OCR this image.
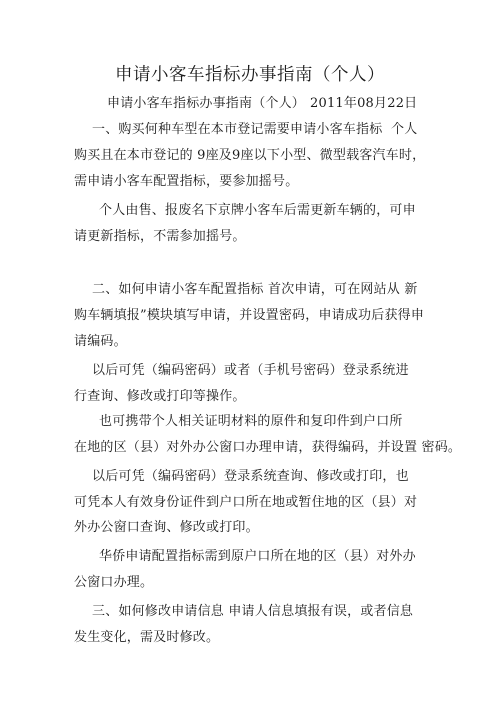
申请小客车指标办事指南（个人）
申请小客车指标办事指南（个人） 2011年08月22日
一、购买何种车型在本市登记需要申请小客车指标 个人
购买且在本市登记的 9座及9座以下小型、微型载客汽车时，
需申请小客车配置指标，要参加摇号。
个人由售、报废名下京牌小客车后需更新车辆的，可申
请更新指标，不需参加摇号。
二、如何申请小客车配置指标 首次申请，可在网站从 新
购车辆填报”模块填写申请，并设置密码，申请成功后获得申
请编码。
以后可凭（编码密码）或者（手机号密码）登录系统进
行查询、修改或打印等操作。
也可携带个人相关证明材料的原件和复印件到户口所
在地的区（县）对外办公窗口办理申请，获得编码，并设置 密码。
以后可凭（编码密码）登录系统查询、修改或打印，也
可凭本人有效身份证件到户口所在地或暂住地的区（县）对
外办公窗口查询、修改或打印。
华侨申请配置指标需到原户口所在地的区（县）对外办
公窗口办理。
三、如何修改申请信息 申请人信息填报有误，或者信息
发生变化，需及时修改。
